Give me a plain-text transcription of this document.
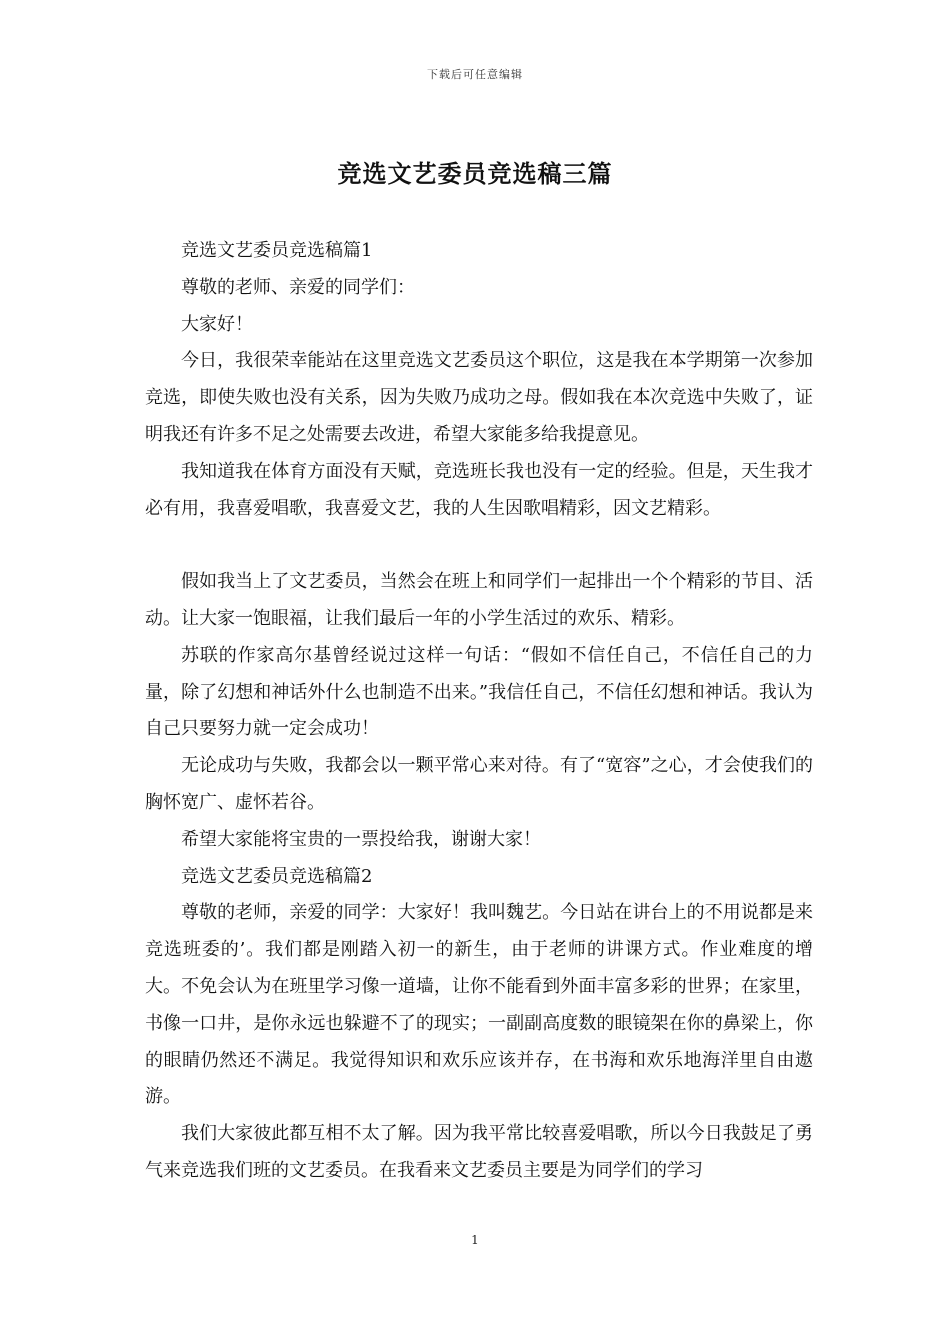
下载后可任意编辑
竞选文艺委员竞选稿三篇

竞选文艺委员竞选稿篇1

尊敬的老师、亲爱的同学们：

大家好！

今日，我很荣幸能站在这里竞选文艺委员这个职位，这是我在本学期第一次参加竞选，即使失败也没有关系，因为失败乃成功之母。假如我在本次竞选中失败了，证明我还有许多不足之处需要去改进，希望大家能多给我提意见。

我知道我在体育方面没有天赋，竞选班长我也没有一定的经验。但是，天生我才必有用，我喜爱唱歌，我喜爱文艺，我的人生因歌唱精彩，因文艺精彩。

假如我当上了文艺委员，当然会在班上和同学们一起排出一个个精彩的节目、活动。让大家一饱眼福，让我们最后一年的小学生活过的欢乐、精彩。

苏联的作家高尔基曾经说过这样一句话：“假如不信任自己，不信任自己的力量，除了幻想和神话外什么也制造不出来。”我信任自己，不信任幻想和神话。我认为自己只要努力就一定会成功！

无论成功与失败，我都会以一颗平常心来对待。有了“宽容”之心，才会使我们的胸怀宽广、虚怀若谷。

希望大家能将宝贵的一票投给我，谢谢大家！

竞选文艺委员竞选稿篇2

尊敬的老师，亲爱的同学：大家好！我叫魏艺。今日站在讲台上的不用说都是来竞选班委的’。我们都是刚踏入初一的新生，由于老师的讲课方式。作业难度的增大。不免会认为在班里学习像一道墙，让你不能看到外面丰富多彩的世界；在家里，书像一口井，是你永远也躲避不了的现实；一副副高度数的眼镜架在你的鼻梁上，你的眼睛仍然还不满足。我觉得知识和欢乐应该并存，在书海和欢乐地海洋里自由遨游。

我们大家彼此都互相不太了解。因为我平常比较喜爱唱歌，所以今日我鼓足了勇气来竞选我们班的文艺委员。在我看来文艺委员主要是为同学们的学习

1
